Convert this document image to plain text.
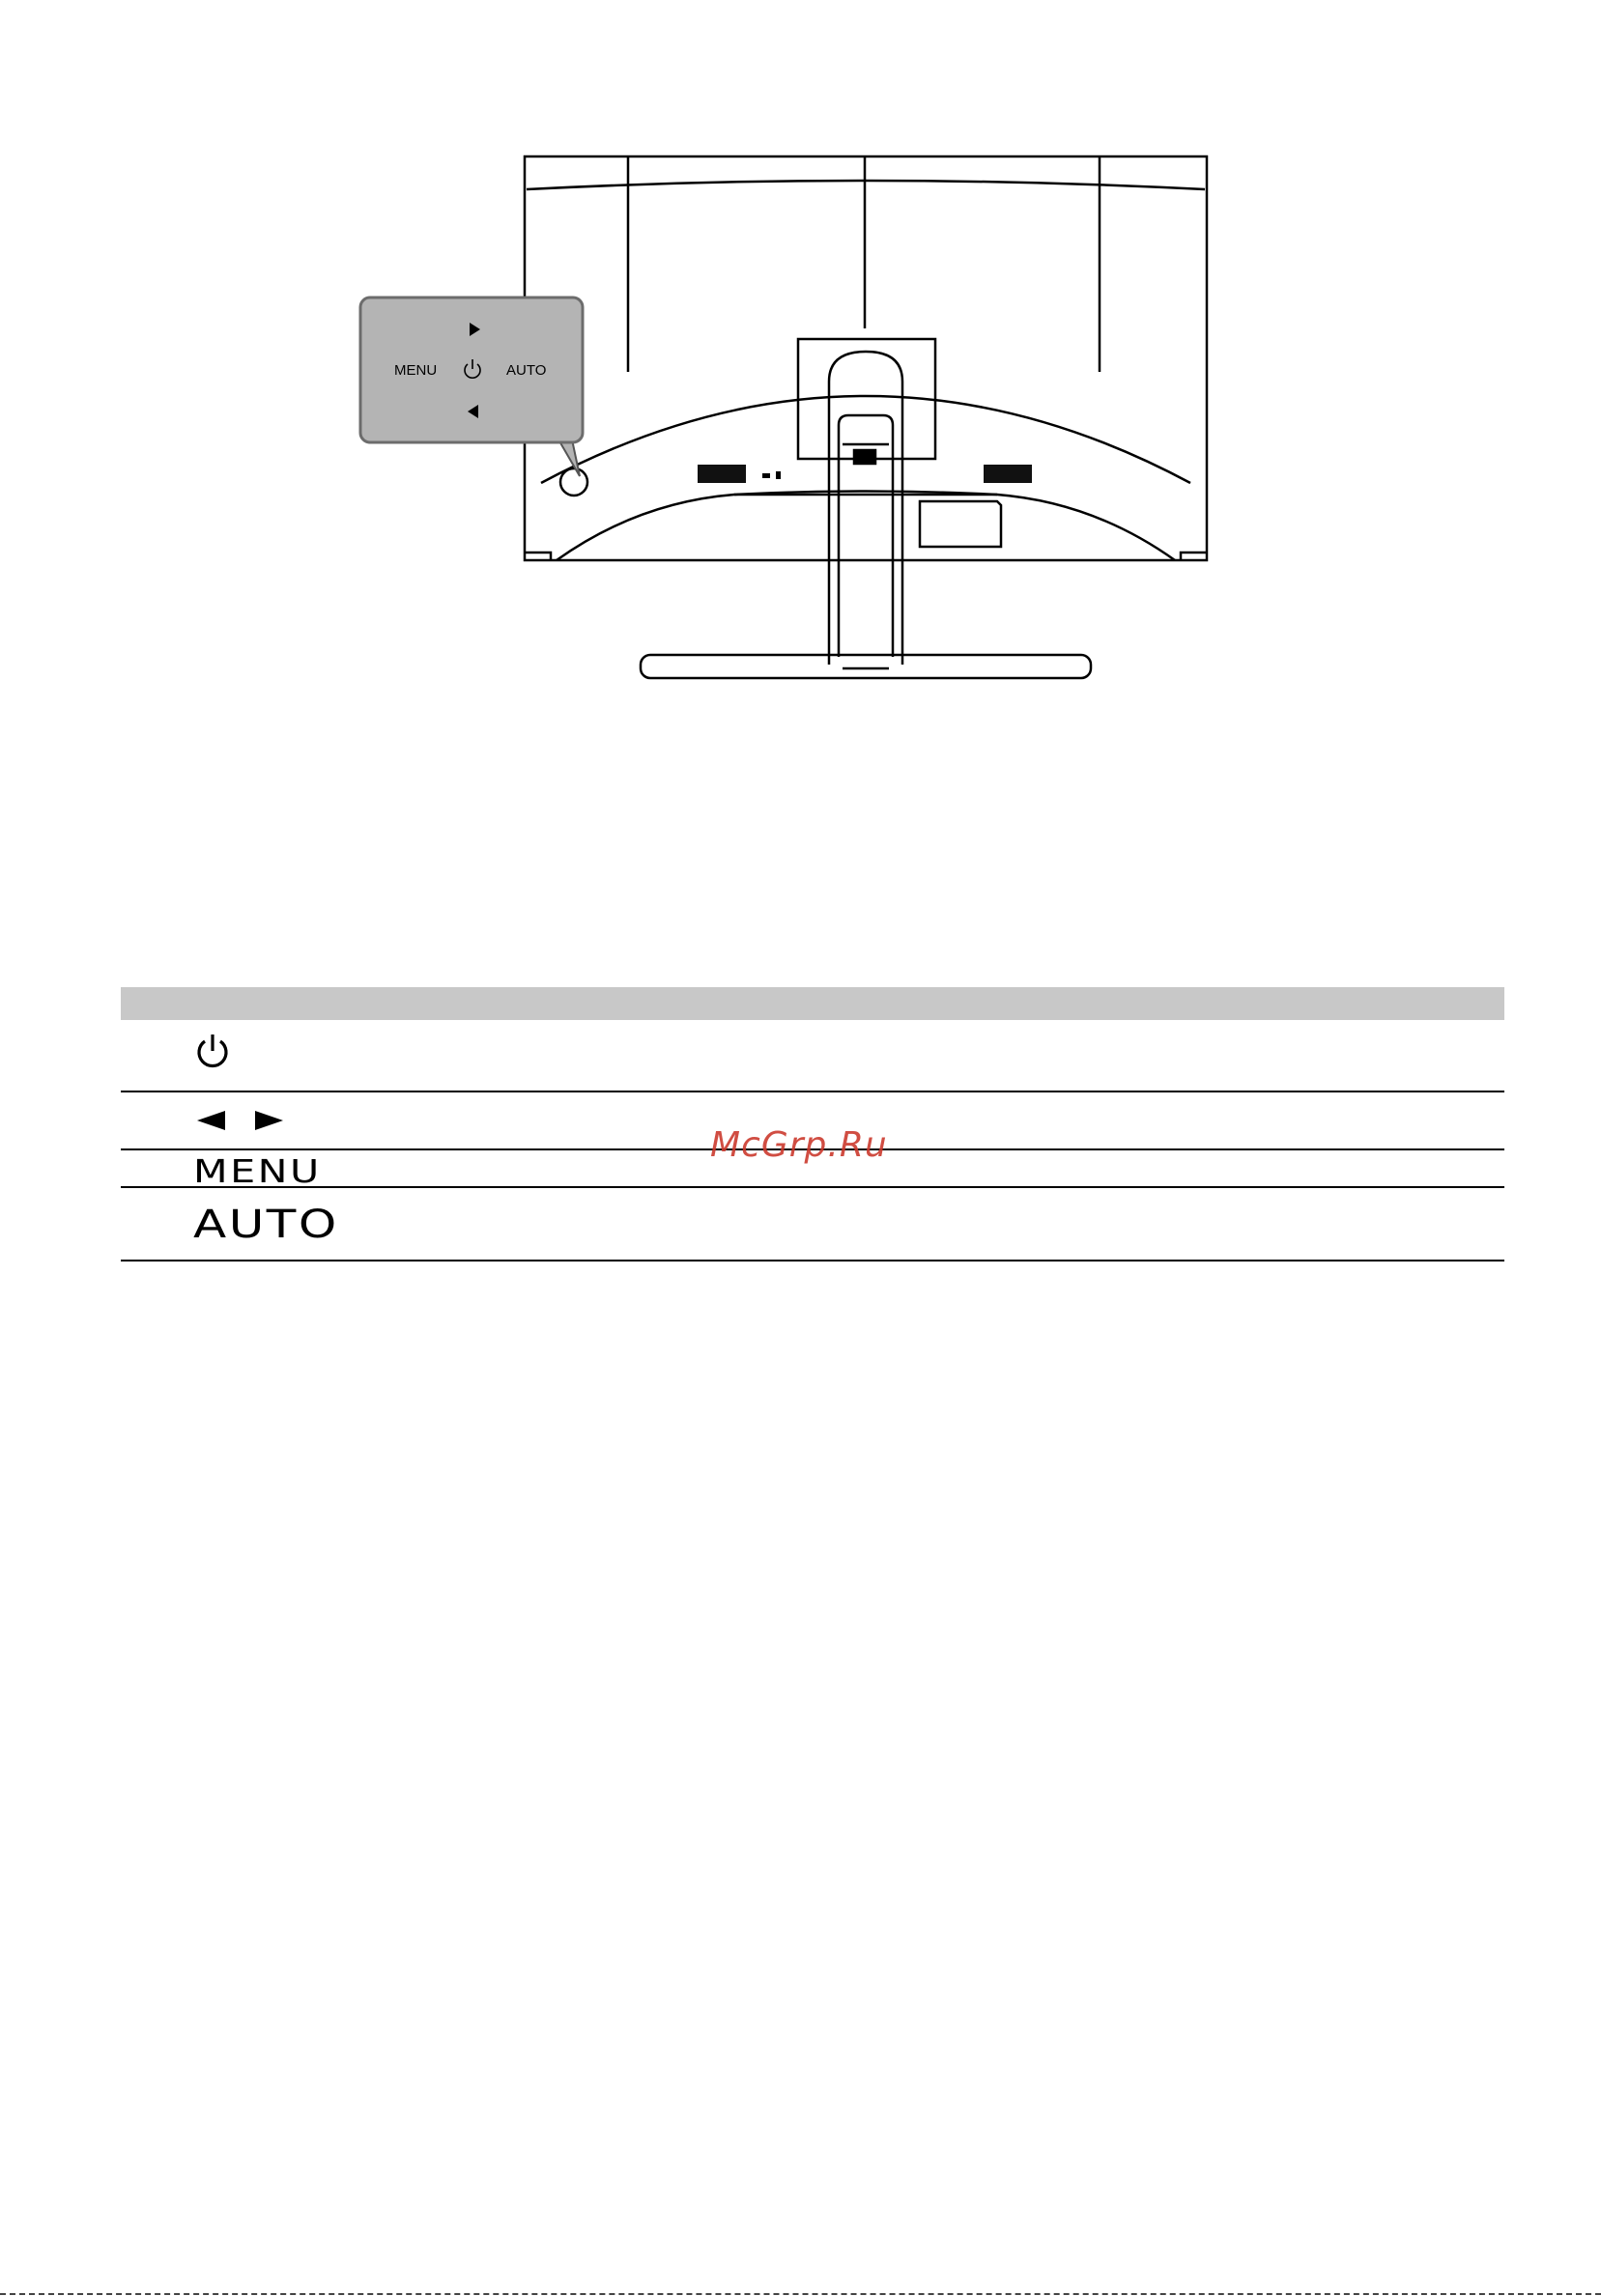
MENU	AUTO
MENU
AUTO
McGrp.Ru
